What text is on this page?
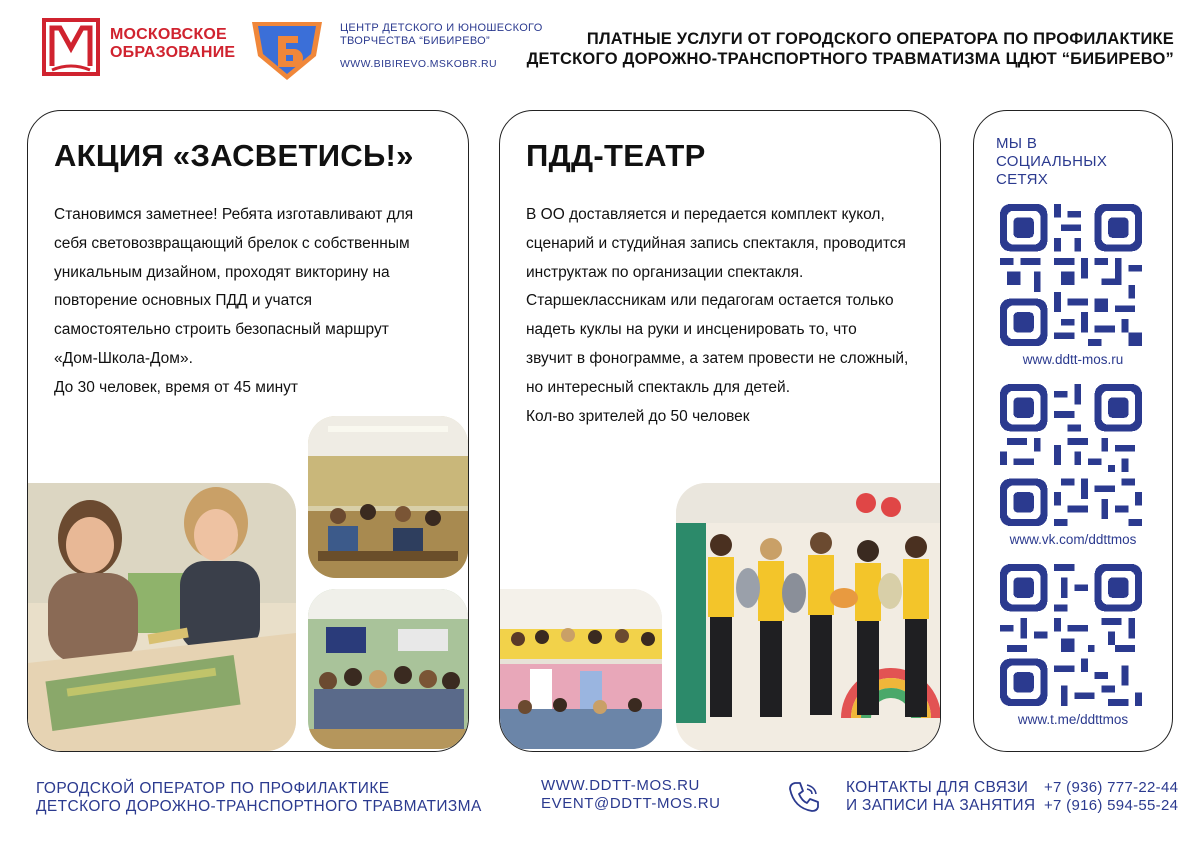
МОСКОВСКОЕ
ОБРАЗОВАНИЕ
ЦЕНТР ДЕТСКОГО И ЮНОШЕСКОГО
ТВОРЧЕСТВА “БИБИРЕВО”
WWW.BIBIREVO.MSKOBR.RU
ПЛАТНЫЕ УСЛУГИ ОТ ГОРОДСКОГО ОПЕРАТОРА ПО ПРОФИЛАКТИКЕ
ДЕТСКОГО ДОРОЖНО-ТРАНСПОРТНОГО ТРАВМАТИЗМА ЦДЮТ “БИБИРЕВО”
АКЦИЯ «ЗАСВЕТИСЬ!»

Становимся заметнее! Ребята изготавливают для

себя световозвращающий брелок с собственным

уникальным дизайном, проходят викторину на

повторение основных ПДД и учатся

самостоятельно строить безопасный маршрут

«Дом-Школа-Дом».

До 30 человек, время от 45 минут

ПДД-ТЕАТР

В ОО доставляется и передается комплект кукол,

сценарий и студийная запись спектакля, проводится

инструктаж по организации спектакля.

Старшеклассникам или педагогам остается только

надеть куклы на руки и инсценировать то, что

звучит в фонограмме, а затем провести не сложный,

но интересный спектакль для детей.

Кол-во зрителей до 50 человек

МЫ В
СОЦИАЛЬНЫХ
СЕТЯХ
www.ddtt-mos.ru
www.vk.com/ddttmos
www.t.me/ddttmos
ГОРОДСКОЙ ОПЕРАТОР ПО ПРОФИЛАКТИКЕ
ДЕТСКОГО ДОРОЖНО-ТРАНСПОРТНОГО ТРАВМАТИЗМА
WWW.DDTT-MOS.RU
EVENT@DDTT-MOS.RU
КОНТАКТЫ ДЛЯ СВЯЗИ
И ЗАПИСИ НА ЗАНЯТИЯ
+7 (936) 777-22-44
+7 (916) 594-55-24
